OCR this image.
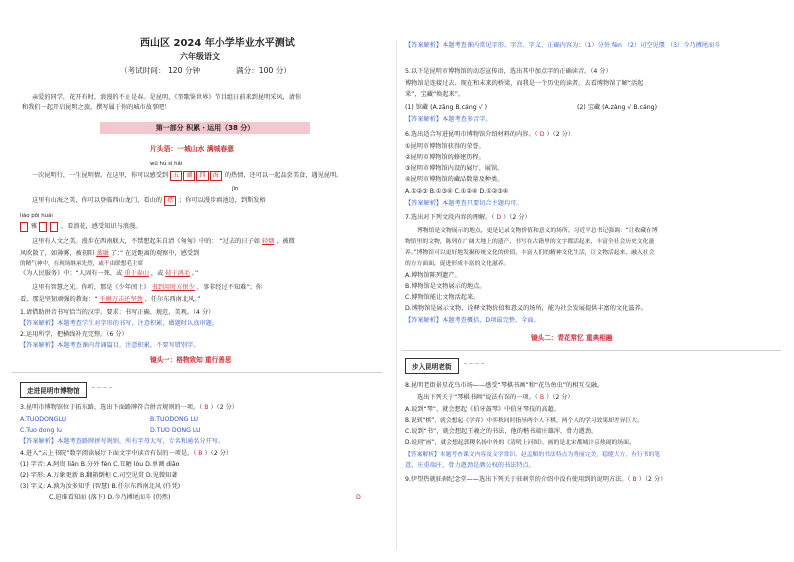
西山区 2024 年小学毕业水平测试
六年级语文
（考试时间： 120 分钟	满分：100 分）
亲爱的同学，花开有时，浪漫的不止是春。是昆明，《奎歌鉴世界》节目组日前来到昆明采风，请你
和我们一起开启昆明之旅，撰写属于你的城市故事吧！
第一部分 积累・运用（38 分）
片头语：一城山水 满城春意
wū hú sì hǎi
一次昆明行，一生昆明情。在这里，你可以感受到 五 湖 四 海 的热情，还可以一起品尝美食，遇见昆明。
jīn
这里有山海之美，你可以登临西山龙门，看山的 襟 ；你可以漫步滇池边，到斯发梧
liáo pōi huái
雅	，看浪花，感受知识与浪漫。
这里有人文之美。漫步在西南联大，不禁想起朱自清《匆匆》中的： “过去的日子如 轻烟 ，被微
风吹散了，如薄雾，被初阳 蒸融 了；” 在近距离的观察中，感受到
的精气神中，在现场继承先烈，或不由联想毛主席
《为人民服务》中：“人固有一死，或 重于泰山 ，或 轻于鸿毛 。”
这里有智慧之光。你听，那是《少年闰土》 书到用时方恨少 ，事非经过不知难”；你
看，那是坚韧顽强的教诲：“ 千磨万击还坚劲 ，任尔东西南北风。”
1.请借助拼音书写恰当的汉字。要求：书写正确、规范、美观。（4 分）
【答案解析】本题考查学生对字形的书写，注意积累，做题时认真审题。
2.运用所学，把横线补充完整。（6 分）
【答案解析】本题考查课内背诵篇目，注意积累，不要写错别字。
镜头一：格物致知 重行善思
走进昆明市博物馆
3.昆明市博物馆位于拓东路，选出下面路牌符合拼音规则的一项。（ B ）（2 分）
A.TUODONGLU	B.TUODONG LU
C.Tuo dong lu	D.TUO DONG LU
【答案解析】本题考查路牌拼写规则，所有字母大写，专名和通名分开写。
4.进入“云上书院”数字阅读展厅下面文字中读音有误的一项是。（ B ）（2 分）
(1) 字音: A.阿贵 liǎn B.分外 fèn C.丑陋 lòu D.单调 diāo
(2) 字形: A.万象更新 B.翻箱倒柜 C.司空见贯 D.见微知著
(3) 字义: A.孰为汝多知乎 (智慧) B.任尔东西南北风 (任凭)
C.迫谁看知而 (落下) D.今乃搏尾而斗 (仍然)	D
【答案解析】本题考查课内常见字形、字音、字义，正确内容为：（1）分外 fèn （2）司空见惯 （3）今乃搏尾而斗
5.以下是昆明市博物馆的动态宣传语，选出其中加点字的正确读音。（4 分）
博物馆是连接过去、现在和未来的桥梁，而我是一个历史的读者。去看博物馆了解“活起
来”，宝藏“焕起来”。
(1) 馆藏 (A.zāng B.cáng √ )	(2) 宝藏 (A.zàng √ B.cáng)
【答案解析】本题考查多音字。
6.选出适合写进昆明市博物馆介绍材料的内容。（ D ）（2 分）
①昆明市博物馆获得的荣誉。
②昆明市博物馆的修建历程。
③昆明市博物馆内设的展厅、展馆。
④昆明市博物馆的藏品数量及种类。
A.①②③ B.①③④ C.①②④ D.①②③④
【答案解析】本题考查只要切合主题均可。
7.选出对下列文段内容的理解。（ D ）（2 分）
博物馆是文物展示的地点，更是记录文物价值和意义的场所。习近平总书记强调：“让收藏在博
物馆里的文物，陈列在广阔大地上的遗产、书写在古籍里的文字都活起来，丰富全社会历史文化滋
养。”博物馆可以更好地发掘传统文化的价值，丰富人们的精神文化生活，让文物活起来，融入社会
的方方面面，促进形成丰富的文化滋养。
A.博物馆陈列遗产。
B.博物馆是文物展示的地点。
C.博物馆能让文物活起来。
D.博物馆是展示文物、诠释文物价值和意义的场所，能为社会发展提供丰富的文化滋养。
【答案解析】本题考查概括，D项最完整、全面。
镜头二：青花常忆 重典相融
步入昆明老街
8.昆明老街景星花鸟市场——感受“琴棋书画”和“花鸟鱼虫”的相互交融。
选出下列关于“琴棋书画”说法有误的一项。（ B ）（2 分）
A.说到“琴”，就会想起《伯牙鼓琴》中伯牙琴技的高超。
B.说到“棋”，就会想起《学弈》中弈秋同时指导两个人下棋，两个人的学习效果却差异巨大。
C.说到“书”，就会想起王羲之的书法，他的楷书端庄雄浑，骨力遒劲。
D.说到“画”，就会想起郭稷名扬中外的《清明上河图》，画的是北宋都城汴京热闹的场面。
【答案解析】本题考查课文内容及文学常识。赵孟頫的书法特点为秀丽完美，稳健大方，有行书的笔
意，庄重端庄，骨力遒劲是颜公权的书法特点。
9.伊望热就驻刹纪念堂——选出下列关于驻刹堂的介绍中没有使用到的说明方法。（ B ）（2 分）
